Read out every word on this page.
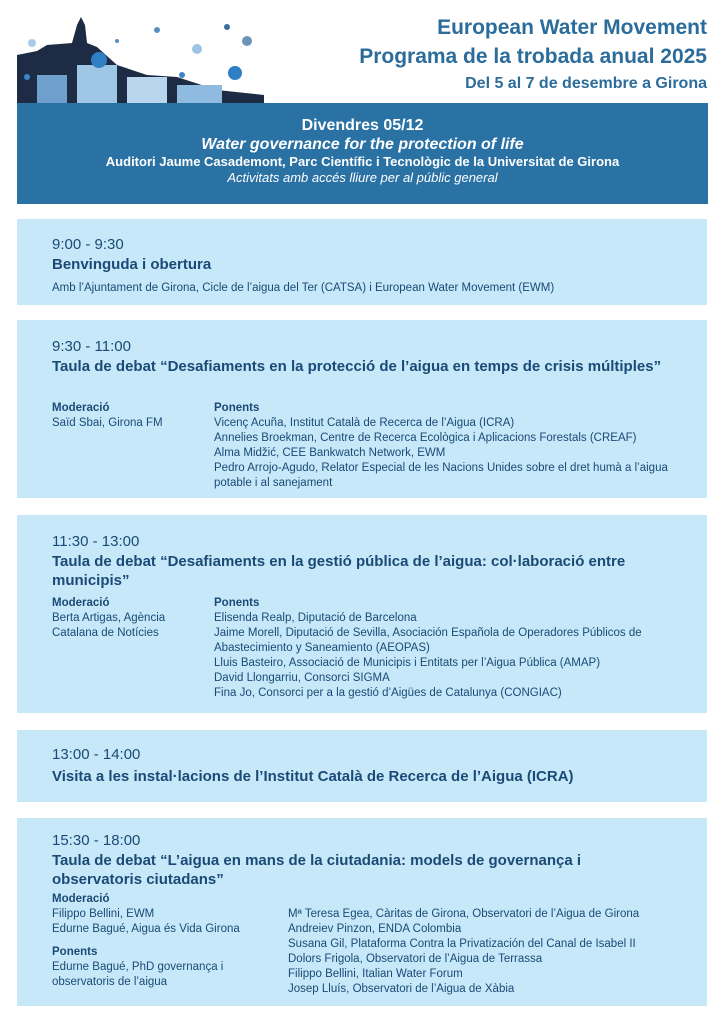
European Water Movement
Programa de la trobada anual 2025
Del 5 al 7 de desembre a Girona
Divendres 05/12
Water governance for the protection of life
Auditori Jaume Casademont, Parc Científic i Tecnològic de la Universitat de Girona
Activitats amb accés lliure per al públic general
9:00 - 9:30
Benvinguda i obertura
Amb l’Ajuntament de Girona, Cicle de l’aigua del Ter (CATSA) i European Water Movement (EWM)
9:30 - 11:00
Taula de debat “Desafiaments en la protecció de l’aigua en temps de crisis múltiples”
Moderació
Saïd Sbai, Girona FM
Ponents
Vicenç Acuña, Institut Català de Recerca de l’Aigua (ICRA)
Annelies Broekman, Centre de Recerca Ecològica i Aplicacions Forestals (CREAF)
Alma Midžić, CEE Bankwatch Network, EWM
Pedro Arrojo-Agudo, Relator Especial de les Nacions Unides sobre el dret humà a l’aigua potable i al sanejament
11:30 - 13:00
Taula de debat “Desafiaments en la gestió pública de l’aigua: col·laboració entre municipis”
Moderació
Berta Artigas, Agència Catalana de Notícies
Ponents
Elisenda Realp, Diputació de Barcelona
Jaime Morell, Diputació de Sevilla, Asociación Española de Operadores Públicos de Abastecimiento y Saneamiento (AEOPAS)
Lluis Basteiro, Associació de Municipis i Entitats per l’Aigua Pública (AMAP)
David Llongarriu, Consorci SIGMA
Fina Jo, Consorci per a la gestió d’Aigües de Catalunya (CONGIAC)
13:00 - 14:00
Visita a les instal·lacions de l’Institut Català de Recerca de l’Aigua (ICRA)
15:30 - 18:00
Taula de debat “L’aigua en mans de la ciutadania: models de governança i observatoris ciutadans”
Moderació
Filippo Bellini, EWM
Edurne Bagué, Aigua és Vida Girona
Ponents
Edurne Bagué, PhD governança i observatoris de l’aigua
Mª Teresa Egea, Càritas de Girona, Observatori de l’Aigua de Girona
Andreiev Pinzon, ENDA Colombia
Susana Gil, Plataforma Contra la Privatización del Canal de Isabel II
Dolors Frigola, Observatori de l’Aigua de Terrassa
Filippo Bellini, Italian Water Forum
Josep Lluís, Observatori de l’Aigua de Xàbia
